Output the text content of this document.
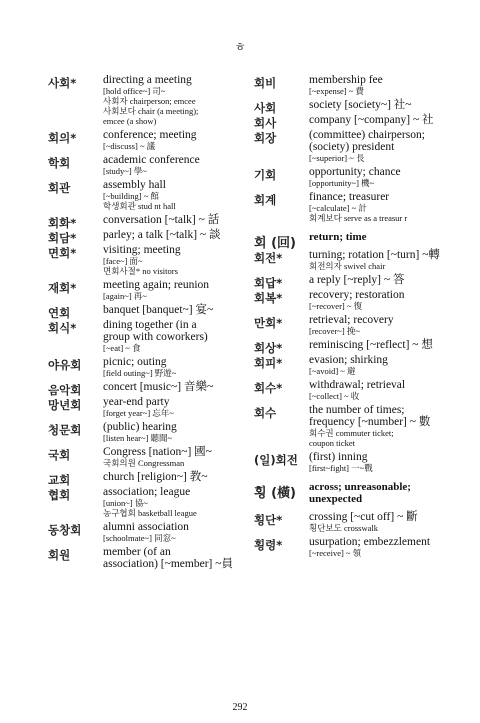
ㅎ
사회* directing a meeting
[hold office~] 司~
사회자 chairperson; emcee
사회보다 chair (a meeting);
emcee (a show)
회의* conference; meeting
[~discuss] ~ 議
학회	academic conference
[study~] 學~
회관	assembly hall
[~building] ~ 館
학생회관 stud nt hall
회화* conversation [~talk] ~ 話
회담* parley; a talk [~talk] ~ 談
면회* visiting; meeting
[face~] 面~
면회사절* no visitors
재회* meeting again; reunion
[again~] 再~
연회	banquet [banquet~] 宴~
회식* dining together (in a
group with coworkers)
[~eat] ~ 食
야유회 picnic; outing
[field outing~] 野遊~
음악회 concert [music~] 音樂~
망년회 year-end party
[forget year~] 忘年~
청문회 (public) hearing
[listen hear~] 聽聞~
국회	Congress [nation~] 國~
국회의원 Congressman
교회	church [religion~] 教~
협회	association; league
[union~] 協~
농구협회 basketball league
동창회 alumni association
[schoolmate~] 同窓~
회원	member (of an
association) [~member] ~員
회비	membership fee
[~expense] ~ 費
사회	society [society~] 社~
회사	company [~company] ~ 社
회장	(committee) chairperson;
(society) president
[~superior] ~ 長
기회	opportunity; chance
[opportunity~] 機~
회계	finance; treasurer
[~calculate] ~ 計
회계보다 serve as a treasur r
회 (回) return; time
회전* turning; rotation [~turn] ~轉
회전의자 swivel chair
회답* a reply [~reply] ~ 答
회복* recovery; restoration
[~recover] ~ 復
만회* retrieval; recovery
[recover~] 挽~
회상* reminiscing [~reflect] ~ 想
회피* evasion; shirking
[~avoid] ~ 避
회수* withdrawal; retrieval
[~collect] ~ 收
회수	the number of times;
frequency [~number] ~ 數
회수권 commuter ticket;
coupon ticket
(일)회전 (first) inning
[first~fight] 一~戰
횡 (橫) across; unreasonable;
unexpected
횡단* crossing [~cut off] ~ 斷
횡단보도 crosswalk
횡령* usurpation; embezzlement
[~receive] ~ 領
292
